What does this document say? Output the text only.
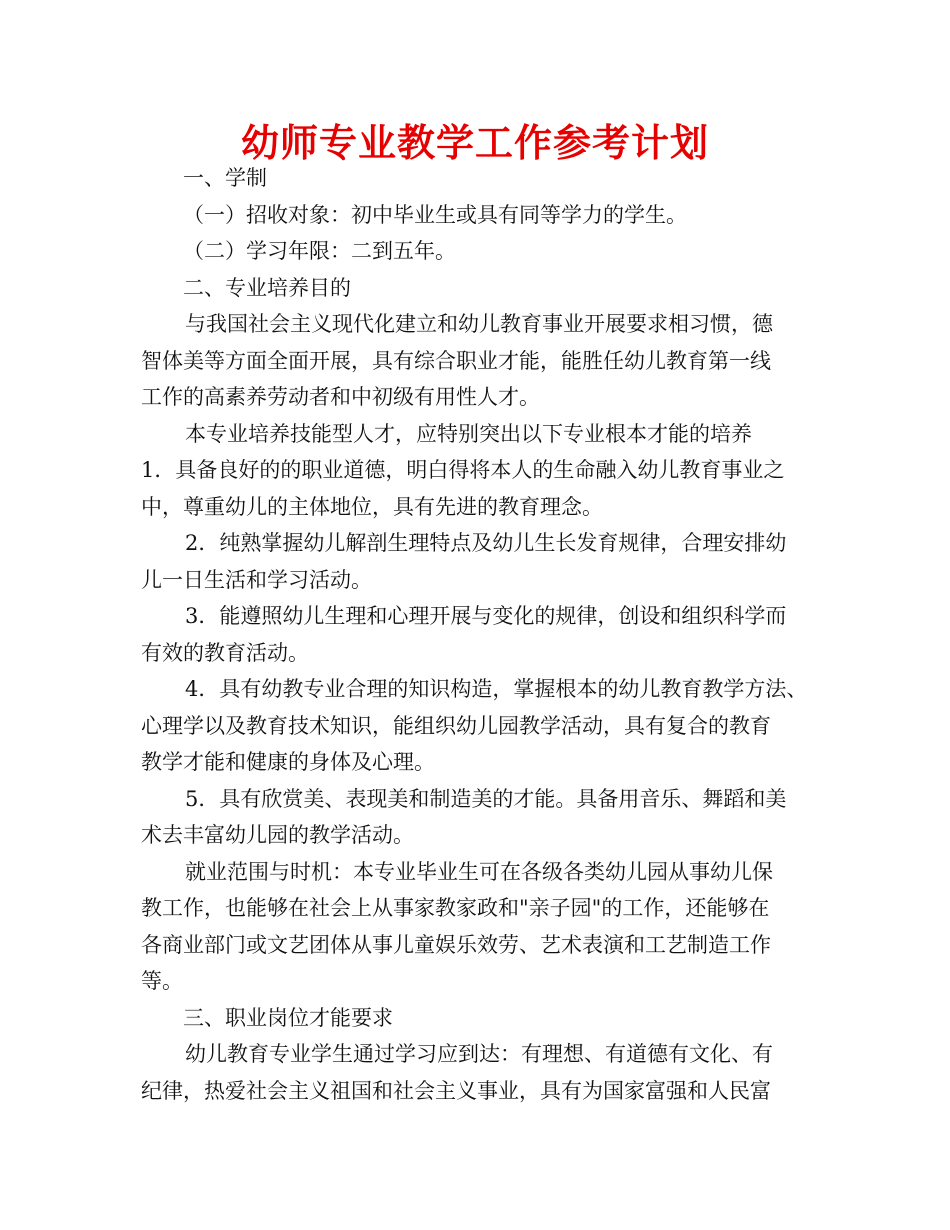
幼师专业教学工作参考计划

一、学制

（一）招收对象：初中毕业生或具有同等学力的学生。

（二）学习年限：二到五年。

二、专业培养目的

与我国社会主义现代化建立和幼儿教育事业开展要求相习惯，德

智体美等方面全面开展，具有综合职业才能，能胜任幼儿教育第一线

工作的高素养劳动者和中初级有用性人才。

本专业培养技能型人才，应特别突出以下专业根本才能的培养

1．具备良好的的职业道德，明白得将本人的生命融入幼儿教育事业之

中，尊重幼儿的主体地位，具有先进的教育理念。

2．纯熟掌握幼儿解剖生理特点及幼儿生长发育规律，合理安排幼

儿一日生活和学习活动。

3．能遵照幼儿生理和心理开展与变化的规律，创设和组织科学而

有效的教育活动。

4．具有幼教专业合理的知识构造，掌握根本的幼儿教育教学方法、

心理学以及教育技术知识，能组织幼儿园教学活动，具有复合的教育

教学才能和健康的身体及心理。

5．具有欣赏美、表现美和制造美的才能。具备用音乐、舞蹈和美

术去丰富幼儿园的教学活动。

就业范围与时机：本专业毕业生可在各级各类幼儿园从事幼儿保

教工作，也能够在社会上从事家教家政和"亲子园"的工作，还能够在

各商业部门或文艺团体从事儿童娱乐效劳、艺术表演和工艺制造工作

等。

三、职业岗位才能要求

幼儿教育专业学生通过学习应到达：有理想、有道德有文化、有

纪律，热爱社会主义祖国和社会主义事业，具有为国家富强和人民富
